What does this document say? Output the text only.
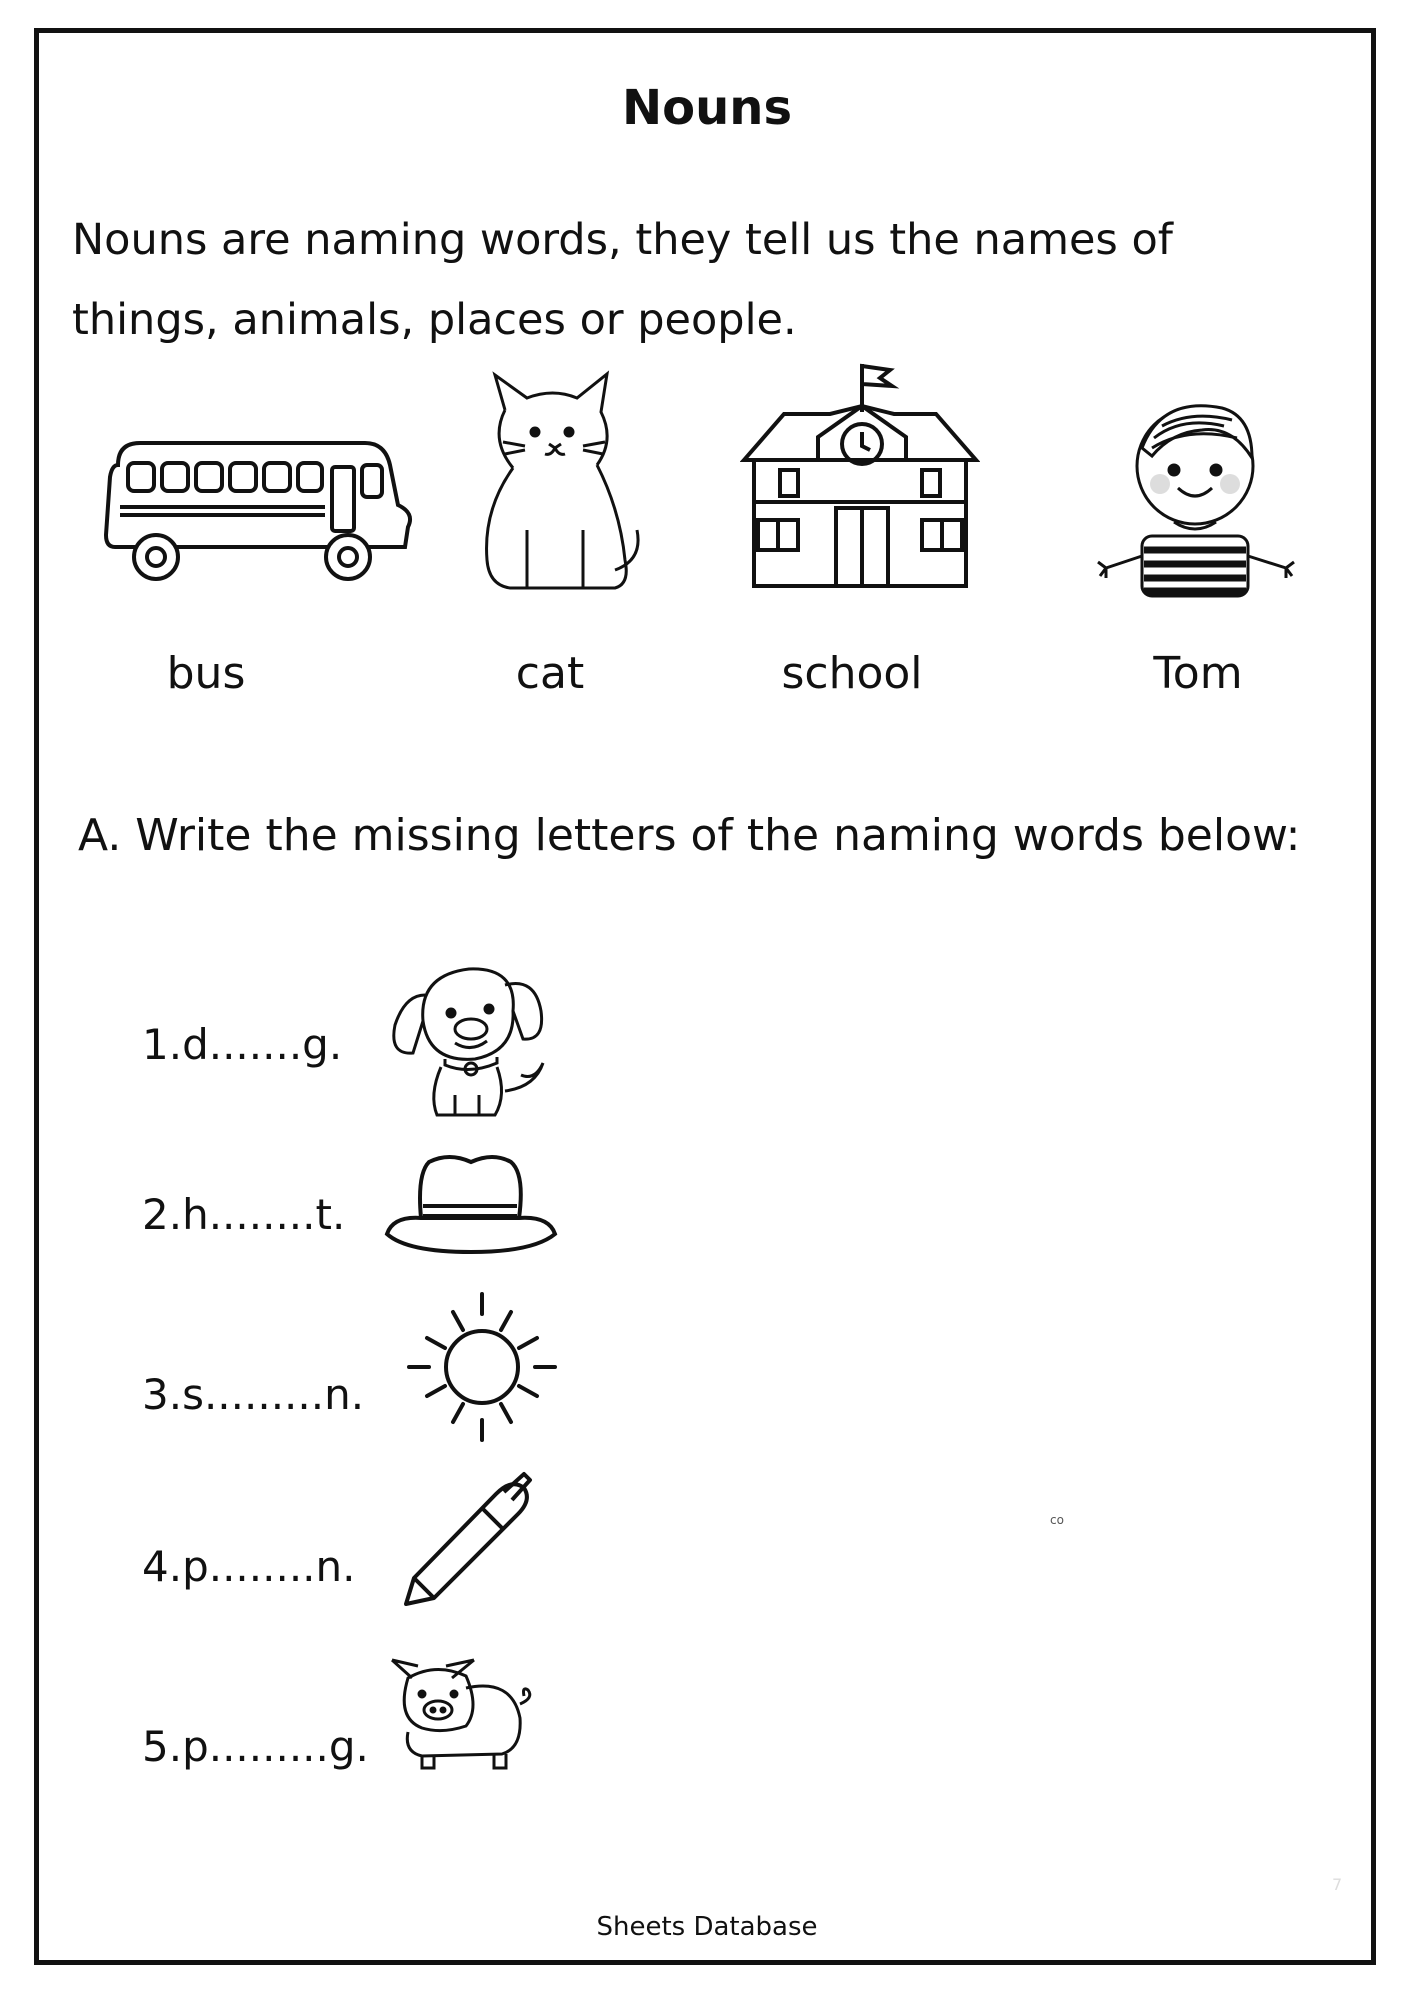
Nouns
Nouns are naming words, they tell us the names of
things, animals, places or people.
bus	cat	school	Tom
A. Write the missing letters of the naming words below:
1.d.......g.
2.h........t.
3.s.........n.
4.p........n.
5.p.........g.
co
7
Sheets Database
